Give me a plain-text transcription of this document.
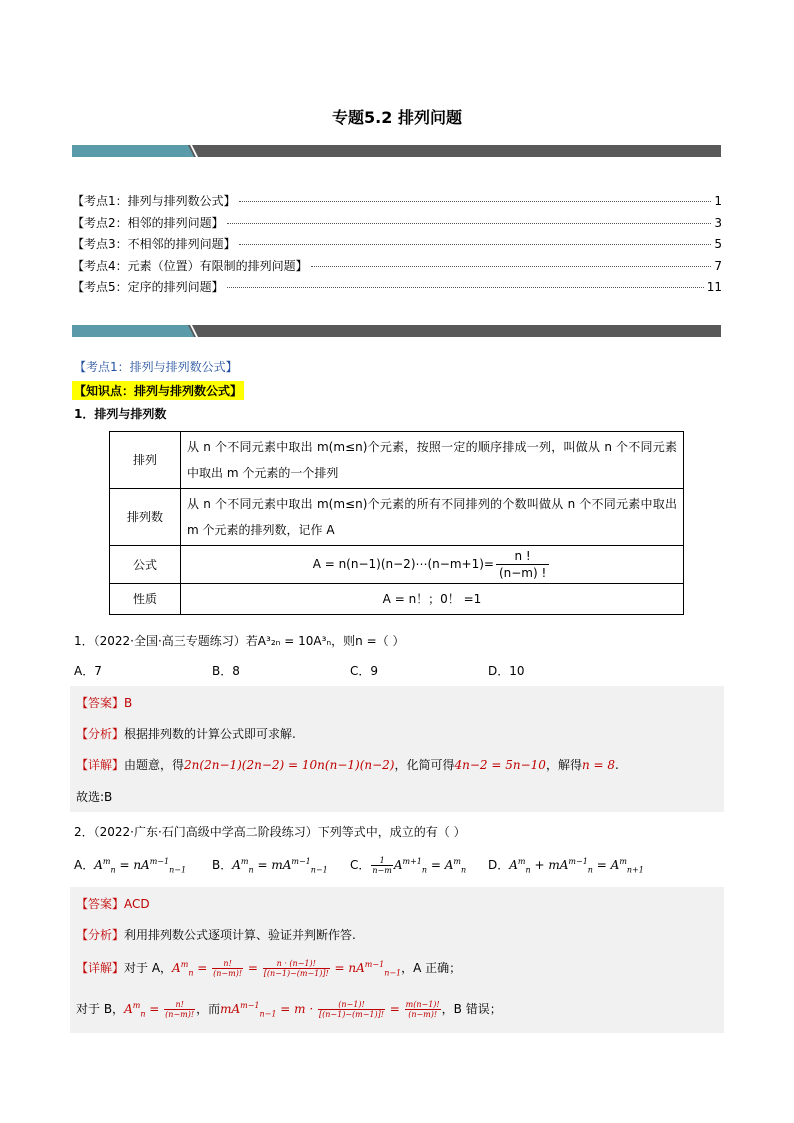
专题5.2 排列问题
【考点1：排列与排列数公式】	1
【考点2：相邻的排列问题】	3
【考点3：不相邻的排列问题】	5
【考点4：元素（位置）有限制的排列问题】	7
【考点5：定序的排列问题】	11
【考点1：排列与排列数公式】
【知识点：排列与排列数公式】
1．排列与排列数
排列	从 n 个不同元素中取出 m(m≤n)个元素，按照一定的顺序排成一列，叫做从 n 个不同元素中取出 m 个元素的一个排列
排列数	从 n 个不同元素中取出 m(m≤n)个元素的所有不同排列的个数叫做从 n 个不同元素中取出 m 个元素的排列数，记作 A
公式	A = n(n−1)(n−2)⋯(n−m+1)= $\frac{n !}{(n-m) !}$

性质	A = n！；0！ =1
1．（2022·全国·高三专题练习）若A³₂ₙ = 10A³ₙ，则n =（ ）
A．7	B．8	C．9	D．10
【答案】B
【分析】根据排列数的计算公式即可求解.
【详解】由题意，得2n(2n−1)(2n−2) = 10n(n−1)(n−2)，化简可得4n−2 = 5n−10，解得n = 8.
故选:B
2．（2022·广东·石门高级中学高二阶段练习）下列等式中，成立的有（ ）
A．$A^m_n = nA^{m-1}_{n-1}$	B．$A^m_n = mA^{m-1}_{n-1}$	C． $\frac{1}{n-m} A^{m+1}_n = A^m_n$	D．$A^m_n + mA^{m-1}_n = A^m_{n+1}$
【答案】ACD
【分析】利用排列数公式逐项计算、验证并判断作答.
【详解】对于 A，$A^m_n = \frac{n!}{(n-m)!} = \frac{n \cdot (n-1)!}{[(n-1)-(m-1)]!} = nA^{m-1}_{n-1}$，A 正确；
对于 B，$A^m_n = \frac{n!}{(n-m)!}$ ，而$mA^{m-1}_{n-1} = m \cdot \frac{(n-1)!}{[(n-1)-(m-1)]!} = \frac{m(n-1)!}{(n-m)!}$ ，B 错误；
